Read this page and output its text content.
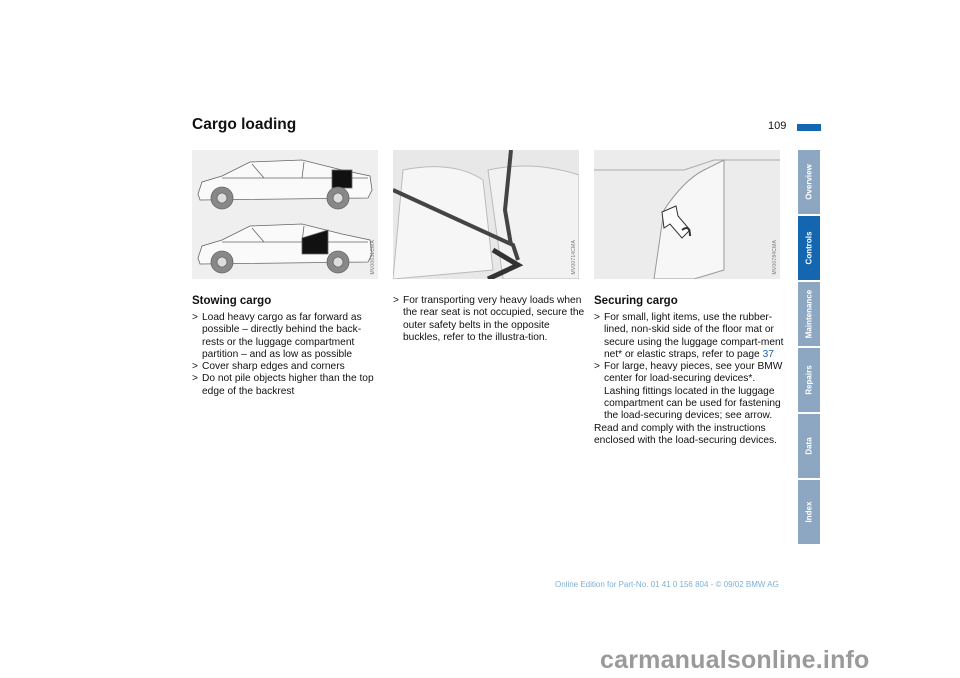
Cargo loading	109
MV00631CMA	MV00714CMA	MV00784CMA
Stowing cargo
> Load heavy cargo as far forward as possible – directly behind the back-rests or the luggage compartment partition – and as low as possible
> Cover sharp edges and corners
> Do not pile objects higher than the top edge of the backrest
> For transporting very heavy loads when the rear seat is not occupied, secure the outer safety belts in the opposite buckles, refer to the illustra-tion.
Securing cargo
> For small, light items, use the rubber-lined, non-skid side of the floor mat or secure using the luggage compart-ment net* or elastic straps, refer to page 37
> For large, heavy pieces, see your BMW center for load-securing devices*. Lashing fittings located in the luggage compartment can be used for fastening the load-securing devices; see arrow.

Read and comply with the instructions enclosed with the load-securing devices.

Overview
Controls
Maintenance
Repairs
Data
Index
Online Edition for Part-No. 01 41 0 156 804 - © 09/02 BMW AG
carmanualsonline.info
